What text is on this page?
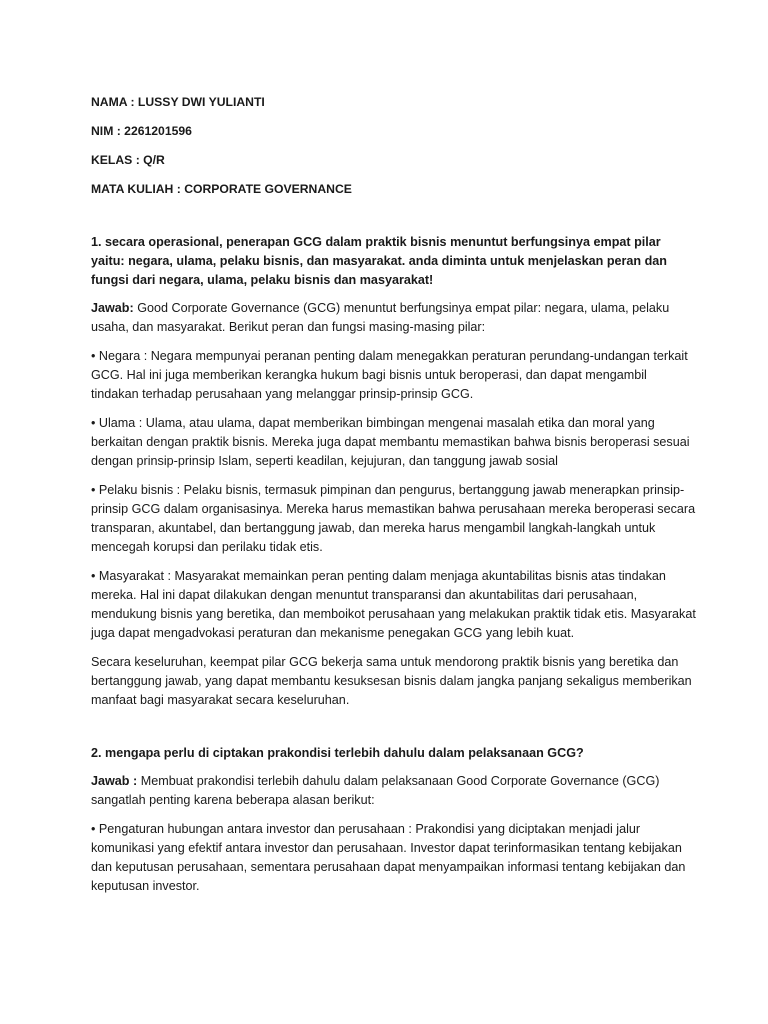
NAMA : LUSSY DWI YULIANTI
NIM : 2261201596
KELAS : Q/R
MATA KULIAH : CORPORATE GOVERNANCE
1. secara operasional, penerapan GCG dalam praktik bisnis menuntut berfungsinya empat pilar yaitu: negara, ulama, pelaku bisnis, dan masyarakat. anda diminta untuk menjelaskan peran dan fungsi dari negara, ulama, pelaku bisnis dan masyarakat!

Jawab: Good Corporate Governance (GCG) menuntut berfungsinya empat pilar: negara, ulama, pelaku usaha, dan masyarakat. Berikut peran dan fungsi masing-masing pilar:

• Negara : Negara mempunyai peranan penting dalam menegakkan peraturan perundang-undangan terkait GCG. Hal ini juga memberikan kerangka hukum bagi bisnis untuk beroperasi, dan dapat mengambil tindakan terhadap perusahaan yang melanggar prinsip-prinsip GCG.

• Ulama : Ulama, atau ulama, dapat memberikan bimbingan mengenai masalah etika dan moral yang berkaitan dengan praktik bisnis. Mereka juga dapat membantu memastikan bahwa bisnis beroperasi sesuai dengan prinsip-prinsip Islam, seperti keadilan, kejujuran, dan tanggung jawab sosial

• Pelaku bisnis : Pelaku bisnis, termasuk pimpinan dan pengurus, bertanggung jawab menerapkan prinsip-prinsip GCG dalam organisasinya. Mereka harus memastikan bahwa perusahaan mereka beroperasi secara transparan, akuntabel, dan bertanggung jawab, dan mereka harus mengambil langkah-langkah untuk mencegah korupsi dan perilaku tidak etis.

• Masyarakat : Masyarakat memainkan peran penting dalam menjaga akuntabilitas bisnis atas tindakan mereka. Hal ini dapat dilakukan dengan menuntut transparansi dan akuntabilitas dari perusahaan, mendukung bisnis yang beretika, dan memboikot perusahaan yang melakukan praktik tidak etis. Masyarakat juga dapat mengadvokasi peraturan dan mekanisme penegakan GCG yang lebih kuat.

Secara keseluruhan, keempat pilar GCG bekerja sama untuk mendorong praktik bisnis yang beretika dan bertanggung jawab, yang dapat membantu kesuksesan bisnis dalam jangka panjang sekaligus memberikan manfaat bagi masyarakat secara keseluruhan.

2. mengapa perlu di ciptakan prakondisi terlebih dahulu dalam pelaksanaan GCG?

Jawab : Membuat prakondisi terlebih dahulu dalam pelaksanaan Good Corporate Governance (GCG) sangatlah penting karena beberapa alasan berikut:

• Pengaturan hubungan antara investor dan perusahaan : Prakondisi yang diciptakan menjadi jalur komunikasi yang efektif antara investor dan perusahaan. Investor dapat terinformasikan tentang kebijakan dan keputusan perusahaan, sementara perusahaan dapat menyampaikan informasi tentang kebijakan dan keputusan investor.
